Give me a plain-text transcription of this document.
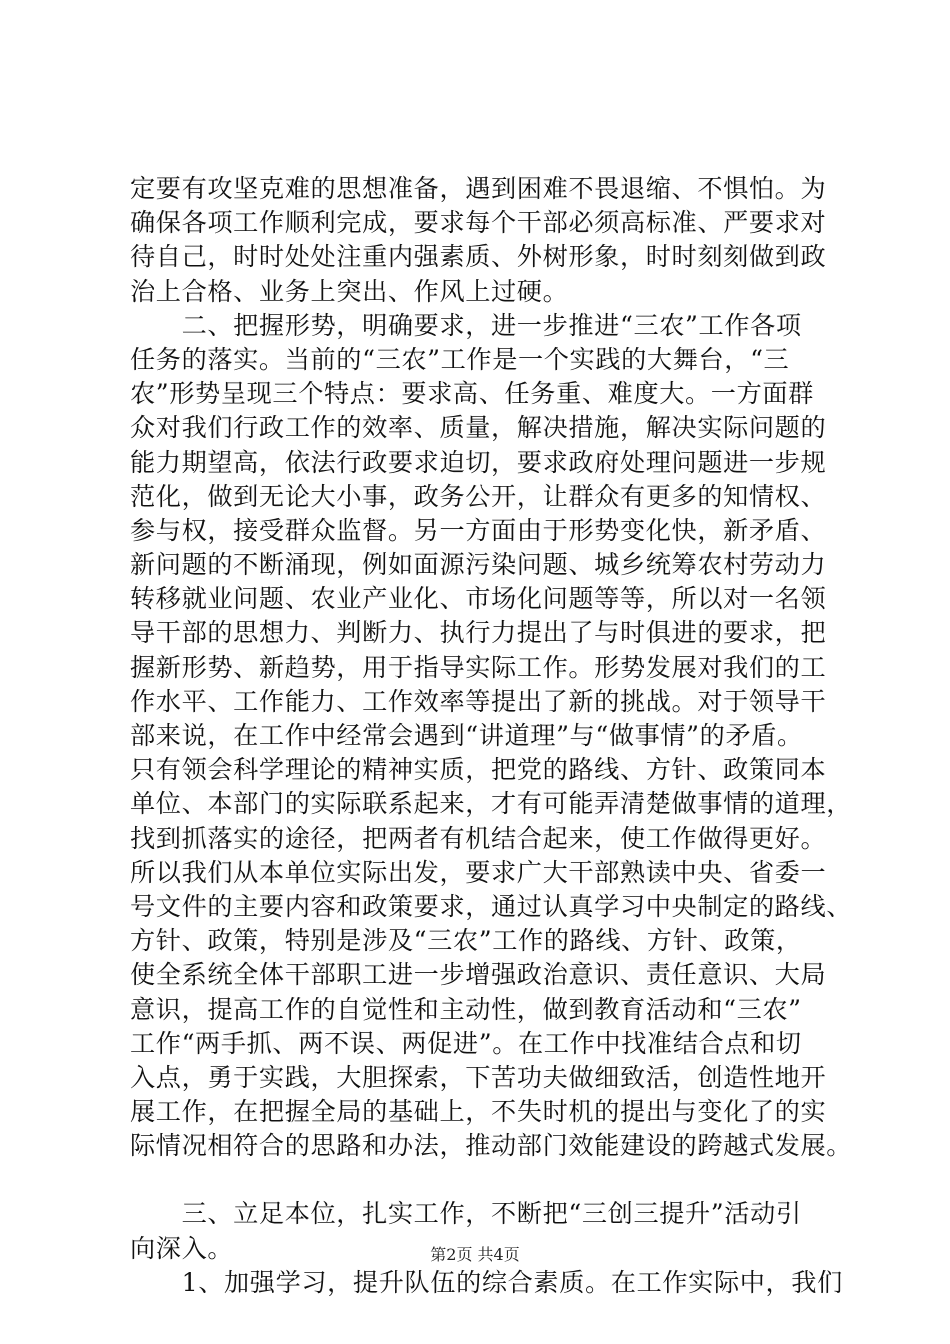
定要有攻坚克难的思想准备，遇到困难不畏退缩、不惧怕。为
确保各项工作顺利完成，要求每个干部必须高标准、严要求对
待自己，时时处处注重内强素质、外树形象，时时刻刻做到政
治上合格、业务上突出、作风上过硬。
　　二、把握形势，明确要求，进一步推进“三农”工作各项
任务的落实。当前的“三农”工作是一个实践的大舞台，“三
农”形势呈现三个特点：要求高、任务重、难度大。一方面群
众对我们行政工作的效率、质量，解决措施，解决实际问题的
能力期望高，依法行政要求迫切，要求政府处理问题进一步规
范化，做到无论大小事，政务公开，让群众有更多的知情权、
参与权，接受群众监督。另一方面由于形势变化快，新矛盾、
新问题的不断涌现，例如面源污染问题、城乡统筹农村劳动力
转移就业问题、农业产业化、市场化问题等等，所以对一名领
导干部的思想力、判断力、执行力提出了与时俱进的要求，把
握新形势、新趋势，用于指导实际工作。形势发展对我们的工
作水平、工作能力、工作效率等提出了新的挑战。对于领导干
部来说，在工作中经常会遇到“讲道理”与“做事情”的矛盾。
只有领会科学理论的精神实质，把党的路线、方针、政策同本
单位、本部门的实际联系起来，才有可能弄清楚做事情的道理，
找到抓落实的途径，把两者有机结合起来，使工作做得更好。
所以我们从本单位实际出发，要求广大干部熟读中央、省委一
号文件的主要内容和政策要求，通过认真学习中央制定的路线、
方针、政策，特别是涉及“三农”工作的路线、方针、政策，
使全系统全体干部职工进一步增强政治意识、责任意识、大局
意识，提高工作的自觉性和主动性，做到教育活动和“三农”
工作“两手抓、两不误、两促进”。在工作中找准结合点和切
入点，勇于实践，大胆探索，下苦功夫做细致活，创造性地开
展工作，在把握全局的基础上，不失时机的提出与变化了的实
际情况相符合的思路和办法，推动部门效能建设的跨越式发展。
　　三、立足本位，扎实工作，不断把“三创三提升”活动引
向深入。
　　1、加强学习，提升队伍的综合素质。在工作实际中，我们
第2页 共4页
